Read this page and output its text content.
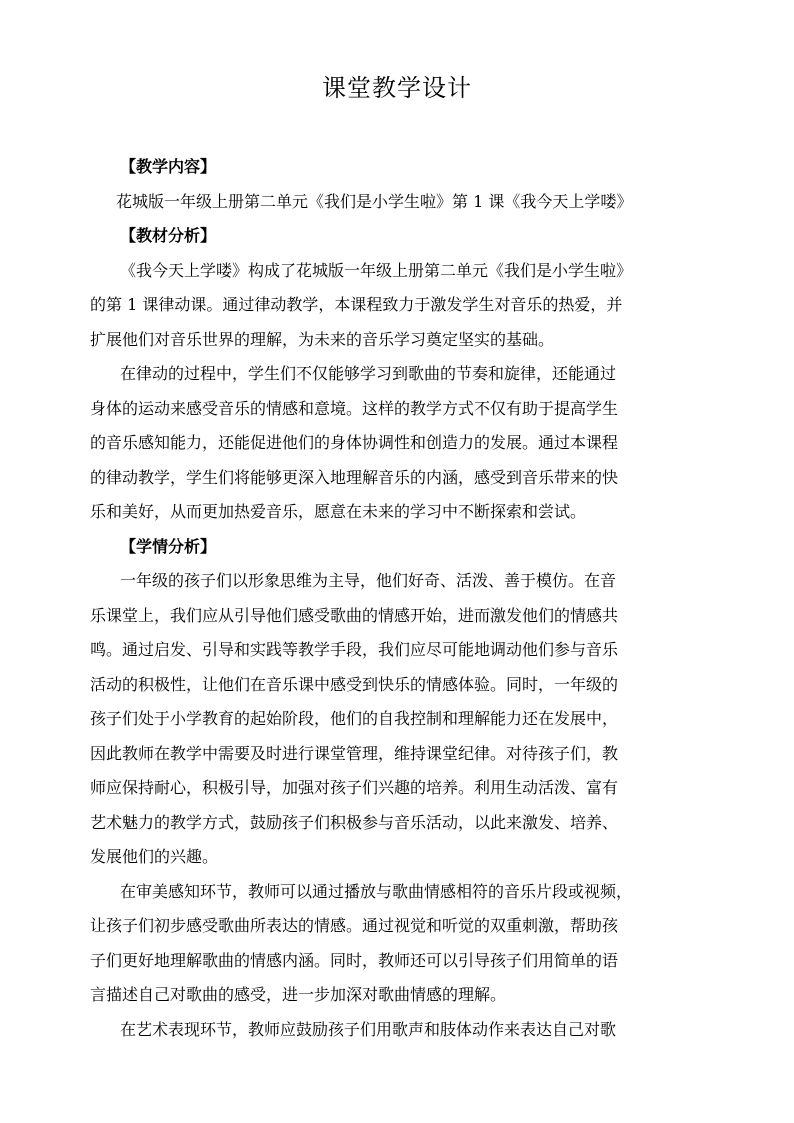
课堂教学设计
【教学内容】
花城版一年级上册第二单元《我们是小学生啦》第 1 课《我今天上学喽》
【教材分析】
《我今天上学喽》构成了花城版一年级上册第二单元《我们是小学生啦》
的第 1 课律动课。通过律动教学，本课程致力于激发学生对音乐的热爱，并
扩展他们对音乐世界的理解，为未来的音乐学习奠定坚实的基础。
在律动的过程中，学生们不仅能够学习到歌曲的节奏和旋律，还能通过
身体的运动来感受音乐的情感和意境。这样的教学方式不仅有助于提高学生
的音乐感知能力，还能促进他们的身体协调性和创造力的发展。通过本课程
的律动教学，学生们将能够更深入地理解音乐的内涵，感受到音乐带来的快
乐和美好，从而更加热爱音乐，愿意在未来的学习中不断探索和尝试。
【学情分析】
一年级的孩子们以形象思维为主导，他们好奇、活泼、善于模仿。在音
乐课堂上，我们应从引导他们感受歌曲的情感开始，进而激发他们的情感共
鸣。通过启发、引导和实践等教学手段，我们应尽可能地调动他们参与音乐
活动的积极性，让他们在音乐课中感受到快乐的情感体验。同时，一年级的
孩子们处于小学教育的起始阶段，他们的自我控制和理解能力还在发展中，
因此教师在教学中需要及时进行课堂管理，维持课堂纪律。对待孩子们，教
师应保持耐心，积极引导，加强对孩子们兴趣的培养。利用生动活泼、富有
艺术魅力的教学方式，鼓励孩子们积极参与音乐活动，以此来激发、培养、
发展他们的兴趣。
在审美感知环节，教师可以通过播放与歌曲情感相符的音乐片段或视频，
让孩子们初步感受歌曲所表达的情感。通过视觉和听觉的双重刺激，帮助孩
子们更好地理解歌曲的情感内涵。同时，教师还可以引导孩子们用简单的语
言描述自己对歌曲的感受，进一步加深对歌曲情感的理解。
在艺术表现环节，教师应鼓励孩子们用歌声和肢体动作来表达自己对歌
